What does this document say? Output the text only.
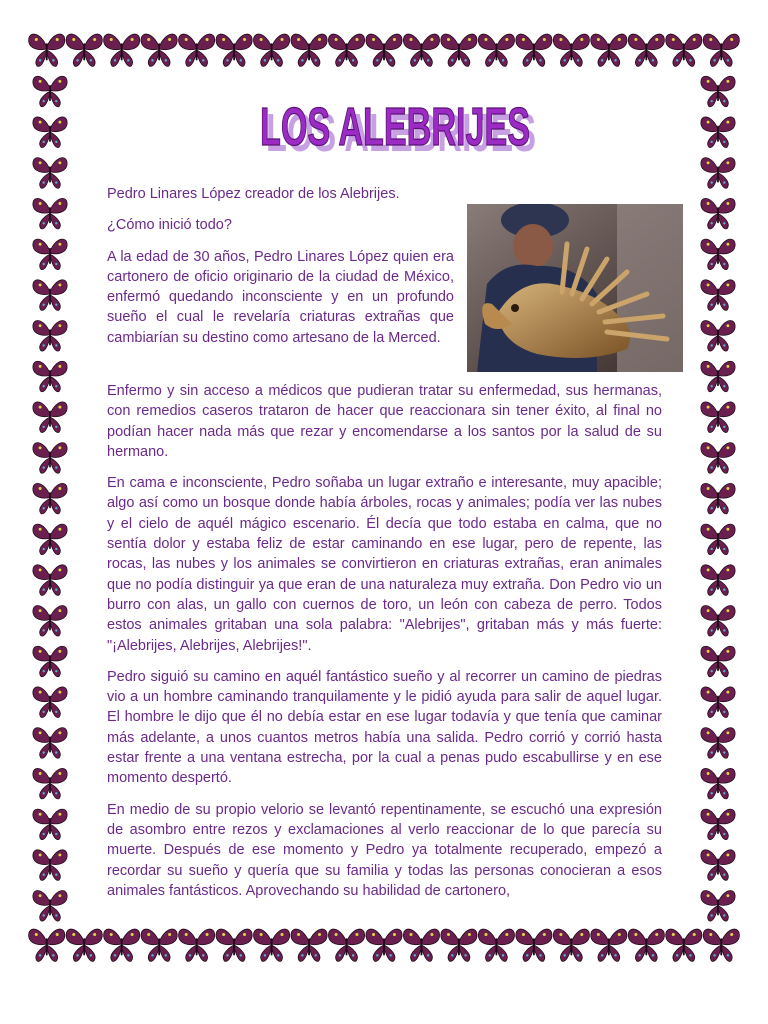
LOS ALEBRIJES
LOS ALEBRIJES

Pedro Linares López creador de los Alebrijes.

¿Cómo inició todo?

A la edad de 30 años, Pedro Linares López quien era cartonero de oficio originario de la ciudad de México, enfermó quedando inconsciente y en un profundo sueño el cual le revelaría criaturas extrañas que cambiarían su destino como artesano de la Merced.

Enfermo y sin acceso a médicos que pudieran tratar su enfermedad, sus hermanas, con remedios caseros trataron de hacer que reaccionara sin tener éxito, al final no podían hacer nada más que rezar y encomendarse a los santos por la salud de su hermano.

En cama e inconsciente, Pedro soñaba un lugar extraño e interesante, muy apacible; algo así como un bosque donde había árboles, rocas y animales; podía ver las nubes y el cielo de aquél mágico escenario. Él decía que todo estaba en calma, que no sentía dolor y estaba feliz de estar caminando en ese lugar, pero de repente, las rocas, las nubes y los animales se convirtieron en criaturas extrañas, eran animales que no podía distinguir ya que eran de una naturaleza muy extraña. Don Pedro vio un burro con alas, un gallo con cuernos de toro, un león con cabeza de perro. Todos estos animales gritaban una sola palabra: "Alebrijes", gritaban más y más fuerte: "¡Alebrijes, Alebrijes, Alebrijes!".

Pedro siguió su camino en aquél fantástico sueño y al recorrer un camino de piedras vio a un hombre caminando tranquilamente y le pidió ayuda para salir de aquel lugar. El hombre le dijo que él no debía estar en ese lugar todavía y que tenía que caminar más adelante, a unos cuantos metros había una salida. Pedro corrió y corrió hasta estar frente a una ventana estrecha, por la cual a penas pudo escabullirse y en ese momento despertó.

En medio de su propio velorio se levantó repentinamente, se escuchó una expresión de asombro entre rezos y exclamaciones al verlo reaccionar de lo que parecía su muerte. Después de ese momento y Pedro ya totalmente recuperado, empezó a recordar su sueño y quería que su familia y todas las personas conocieran a esos animales fantásticos. Aprovechando su habilidad de cartonero,
